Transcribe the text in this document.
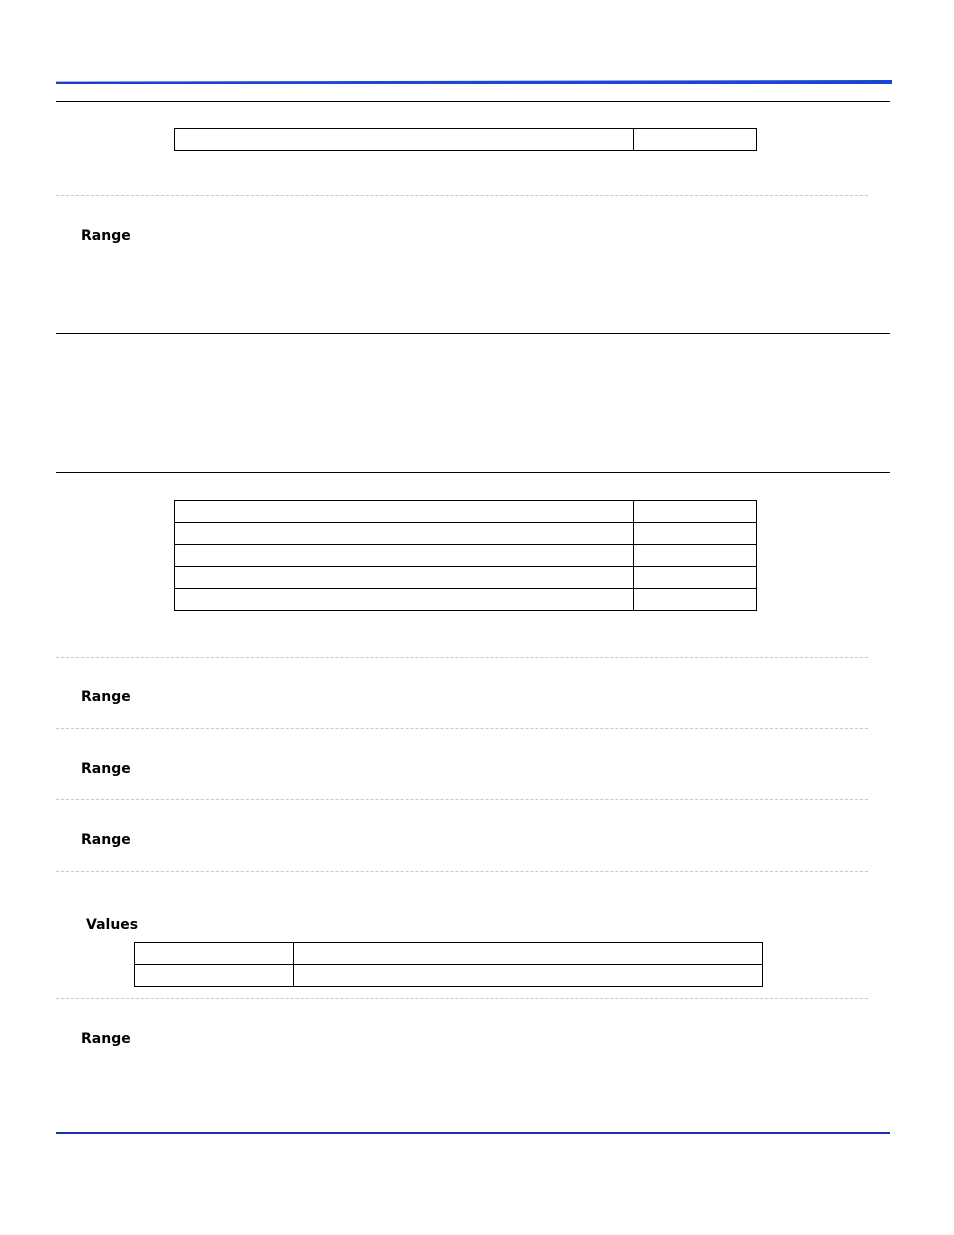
Range

Range
Range
Range
Values

Range
